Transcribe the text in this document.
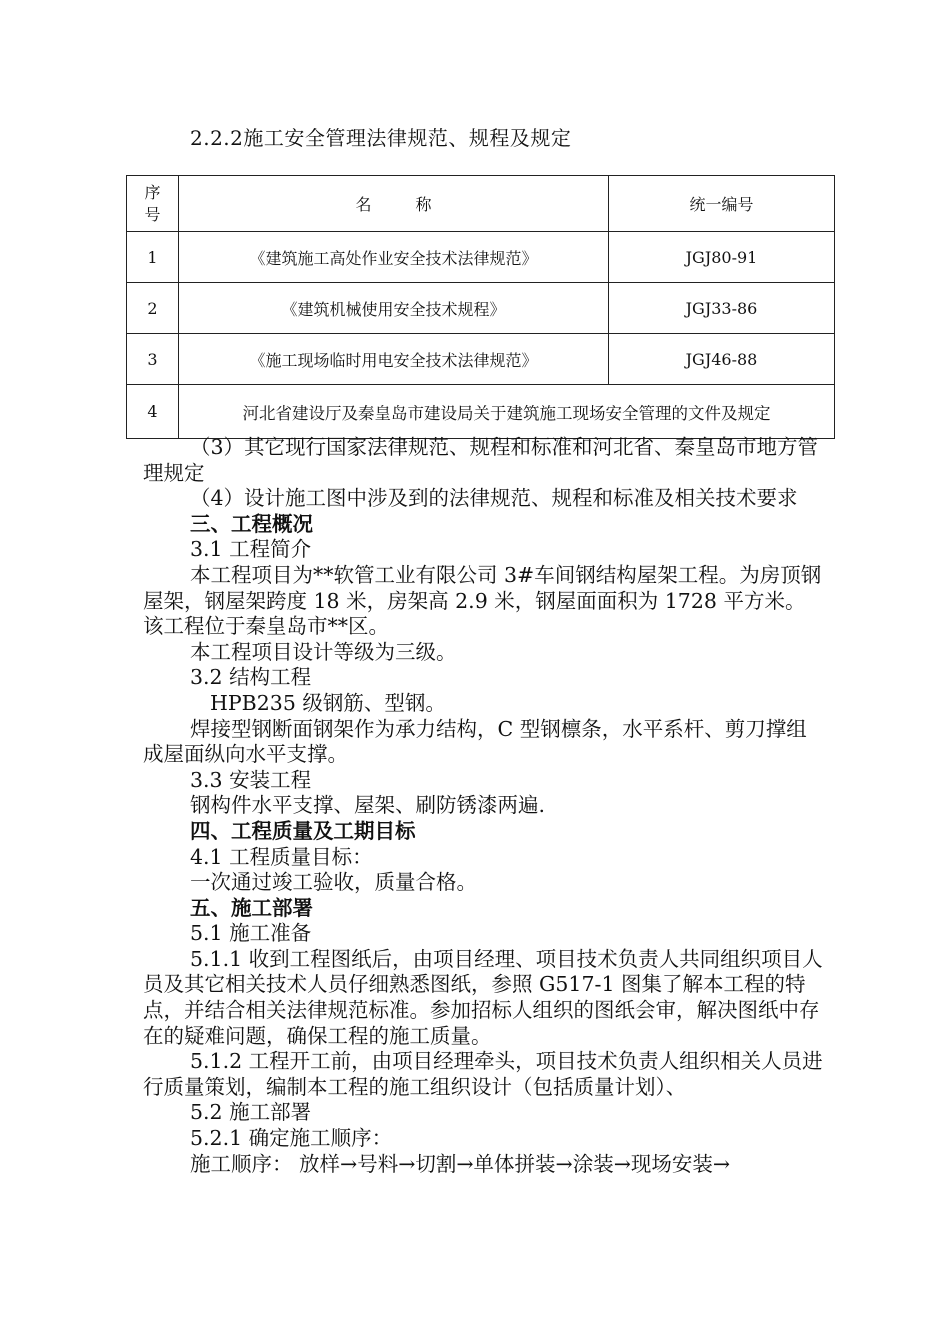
2.2.2施工安全管理法律规范、规程及规定
序
号	名 称	统一编号
1	《建筑施工高处作业安全技术法律规范》	JGJ80-91
2	《建筑机械使用安全技术规程》	JGJ33-86
3	《施工现场临时用电安全技术法律规范》	JGJ46-88
4	河北省建设厅及秦皇岛市建设局关于建筑施工现场安全管理的文件及规定	

（3）其它现行国家法律规范、规程和标准和河北省、秦皇岛市地方管理规定

（4）设计施工图中涉及到的法律规范、规程和标准及相关技术要求

三、工程概况

3.1 工程简介

本工程项目为**软管工业有限公司 3#车间钢结构屋架工程。为房顶钢屋架，钢屋架跨度 18 米，房架高 2.9 米，钢屋面面积为 1728 平方米。该工程位于秦皇岛市**区。

本工程项目设计等级为三级。

3.2 结构工程

HPB235 级钢筋、型钢。

焊接型钢断面钢架作为承力结构，C 型钢檩条，水平系杆、剪刀撑组成屋面纵向水平支撑。

3.3 安装工程

钢构件水平支撑、屋架、刷防锈漆两遍.

四、工程质量及工期目标

4.1 工程质量目标：

一次通过竣工验收，质量合格。

五、施工部署

5.1 施工准备

5.1.1 收到工程图纸后，由项目经理、项目技术负责人共同组织项目人员及其它相关技术人员仔细熟悉图纸，参照 G517-1 图集了解本工程的特点，并结合相关法律规范标准。参加招标人组织的图纸会审，解决图纸中存在的疑难问题，确保工程的施工质量。

5.1.2 工程开工前，由项目经理牵头，项目技术负责人组织相关人员进行质量策划，编制本工程的施工组织设计（包括质量计划）、

5.2 施工部署

5.2.1 确定施工顺序：

施工顺序： 放样→号料→切割→单体拼装→涂装→现场安装→
